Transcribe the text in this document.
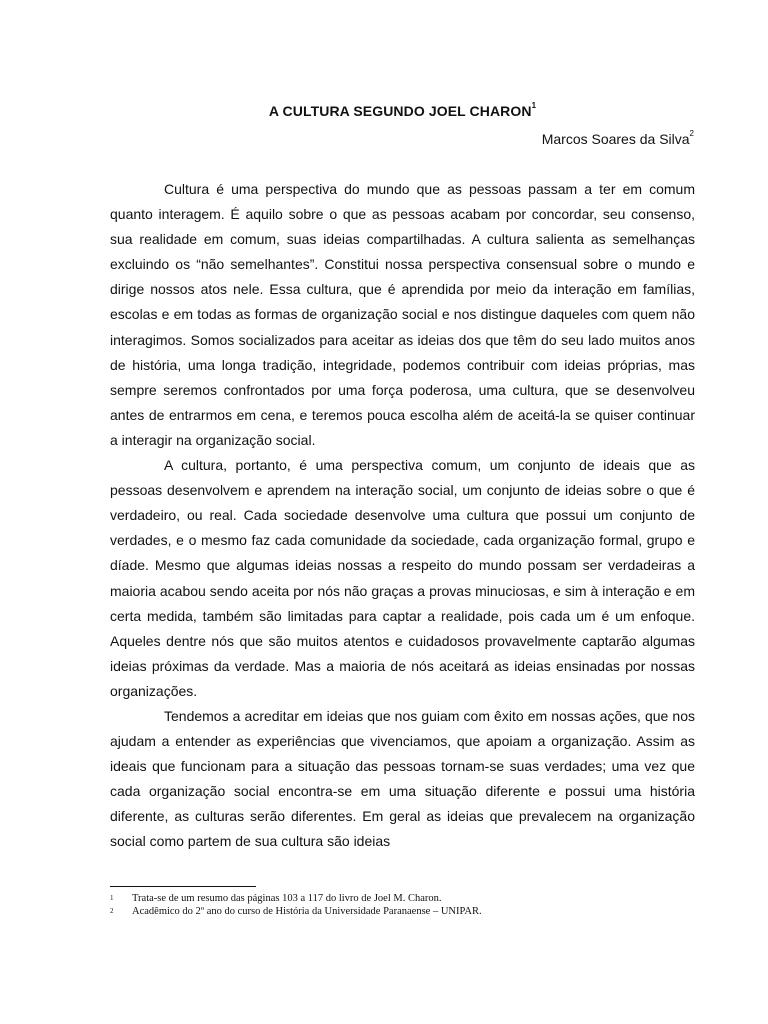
A CULTURA SEGUNDO JOEL CHARON$^1$
Marcos Soares da Silva$^2$

Cultura é uma perspectiva do mundo que as pessoas passam a ter em comum quanto interagem. É aquilo sobre o que as pessoas acabam por concordar, seu consenso, sua realidade em comum, suas ideias compartilhadas. A cultura salienta as semelhanças excluindo os “não semelhantes”. Constitui nossa perspectiva consensual sobre o mundo e dirige nossos atos nele. Essa cultura, que é aprendida por meio da interação em famílias, escolas e em todas as formas de organização social e nos distingue daqueles com quem não interagimos. Somos socializados para aceitar as ideias dos que têm do seu lado muitos anos de história, uma longa tradição, integridade, podemos contribuir com ideias próprias, mas sempre seremos confrontados por uma força poderosa, uma cultura, que se desenvolveu antes de entrarmos em cena, e teremos pouca escolha além de aceitá-la se quiser continuar a interagir na organização social.

A cultura, portanto, é uma perspectiva comum, um conjunto de ideais que as pessoas desenvolvem e aprendem na interação social, um conjunto de ideias sobre o que é verdadeiro, ou real. Cada sociedade desenvolve uma cultura que possui um conjunto de verdades, e o mesmo faz cada comunidade da sociedade, cada organização formal, grupo e díade. Mesmo que algumas ideias nossas a respeito do mundo possam ser verdadeiras a maioria acabou sendo aceita por nós não graças a provas minuciosas, e sim à interação e em certa medida, também são limitadas para captar a realidade, pois cada um é um enfoque. Aqueles dentre nós que são muitos atentos e cuidadosos provavelmente captarão algumas ideias próximas da verdade. Mas a maioria de nós aceitará as ideias ensinadas por nossas organizações.

Tendemos a acreditar em ideias que nos guiam com êxito em nossas ações, que nos ajudam a entender as experiências que vivenciamos, que apoiam a organização. Assim as ideais que funcionam para a situação das pessoas tornam-se suas verdades; uma vez que cada organização social encontra-se em uma situação diferente e possui uma história diferente, as culturas serão diferentes. Em geral as ideias que prevalecem na organização social como partem de sua cultura são ideias

1	Trata-se de um resumo das páginas 103 a 117 do livro de Joel M. Charon.
2	Acadêmico do 2º ano do curso de História da Universidade Paranaense – UNIPAR.
